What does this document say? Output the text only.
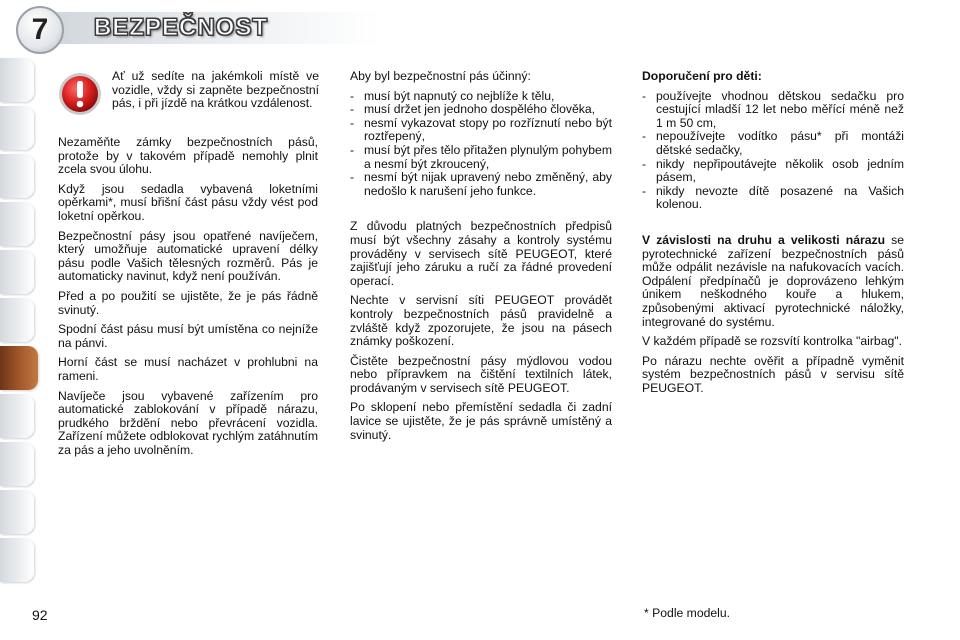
7	BEZPEČNOST
Ať už sedíte na jakémkoli místě ve vozidle, vždy si zapněte bezpečnostní pás, i při jízdě na krátkou vzdálenost.

Nezaměňte zámky bezpečnostních pásů, protože by v takovém případě nemohly plnit zcela svou úlohu.

Když jsou sedadla vybavená loketními opěrkami*, musí břišní část pásu vždy vést pod loketní opěrkou.

Bezpečnostní pásy jsou opatřené navíječem, který umožňuje automatické upravení délky pásu podle Vašich tělesných rozměrů. Pás je automaticky navinut, když není používán.

Před a po použití se ujistěte, že je pás řádně svinutý.

Spodní část pásu musí být umístěna co nejníže na pánvi.

Horní část se musí nacházet v prohlubni na rameni.

Navíječe jsou vybavené zařízením pro automatické zablokování v případě nárazu, prudkého brždění nebo převrácení vozidla. Zařízení můžete odblokovat rychlým zatáhnutím za pás a jeho uvolněním.

Aby byl bezpečnostní pás účinný:

- musí být napnutý co nejblíže k tělu,
- musí držet jen jednoho dospělého člověka,
- nesmí vykazovat stopy po rozříznutí nebo být roztřepený,
- musí být přes tělo přitažen plynulým pohybem a nesmí být zkroucený,
- nesmí být nijak upravený nebo změněný, aby nedošlo k narušení jeho funkce.

Z důvodu platných bezpečnostních předpisů musí být všechny zásahy a kontroly systému prováděny v servisech sítě PEUGEOT, které zajišťují jeho záruku a ručí za řádné provedení operací.

Nechte v servisní síti PEUGEOT provádět kontroly bezpečnostních pásů pravidelně a zvláště když zpozorujete, že jsou na pásech známky poškození.

Čistěte bezpečnostní pásy mýdlovou vodou nebo přípravkem na čištění textilních látek, prodávaným v servisech sítě PEUGEOT.

Po sklopení nebo přemístění sedadla či zadní lavice se ujistěte, že je pás správně umístěný a svinutý.

Doporučení pro děti:

- používejte vhodnou dětskou sedačku pro cestující mladší 12 let nebo měřící méně než 1 m 50 cm,
- nepoužívejte vodítko pásu* při montáži dětské sedačky,
- nikdy nepřipoutávejte několik osob jedním pásem,
- nikdy nevozte dítě posazené na Vašich kolenou.

V závislosti na druhu a velikosti nárazu se pyrotechnické zařízení bezpečnostních pásů může odpálit nezávisle na nafukovacích vacích. Odpálení předpínačů je doprovázeno lehkým únikem neškodného kouře a hlukem, způsobenými aktivací pyrotechnické náložky, integrované do systému.

V každém případě se rozsvítí kontrolka "airbag".

Po nárazu nechte ověřit a případně vyměnit systém bezpečnostních pásů v servisu sítě PEUGEOT.

92	* Podle modelu.
